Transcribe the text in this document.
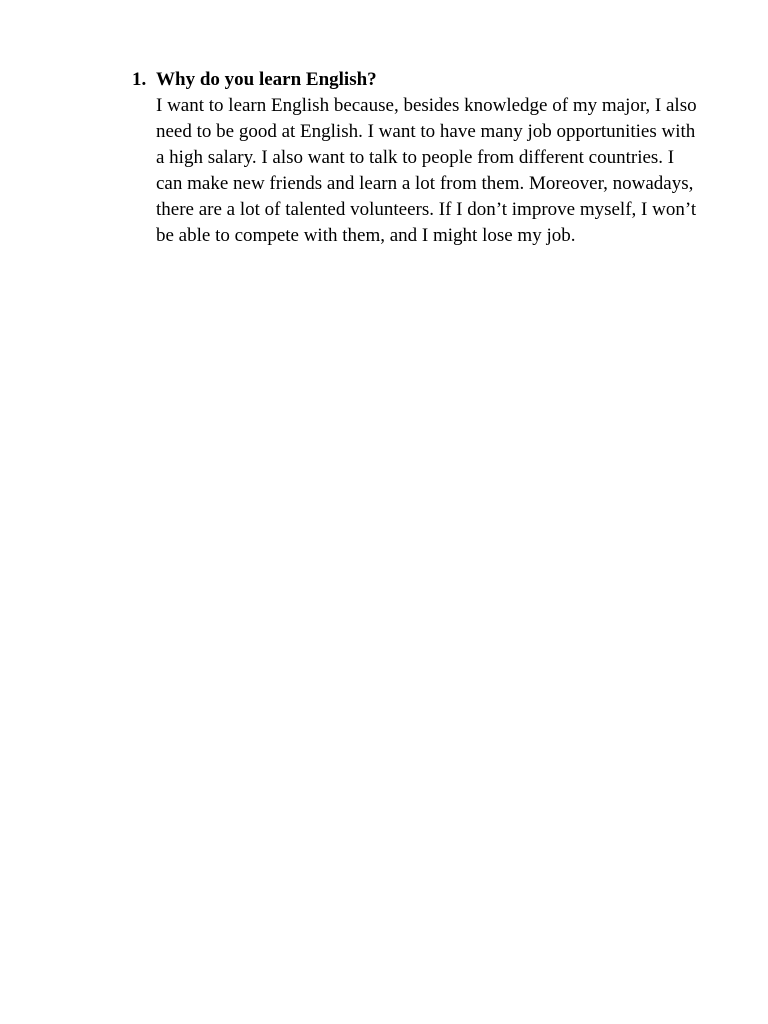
1. Why do you learn English?

I want to learn English because, besides knowledge of my major, I also need to be good at English. I want to have many job opportunities with a high salary. I also want to talk to people from different countries. I can make new friends and learn a lot from them. Moreover, nowadays, there are a lot of talented volunteers. If I don’t improve myself, I won’t be able to compete with them, and I might lose my job.
